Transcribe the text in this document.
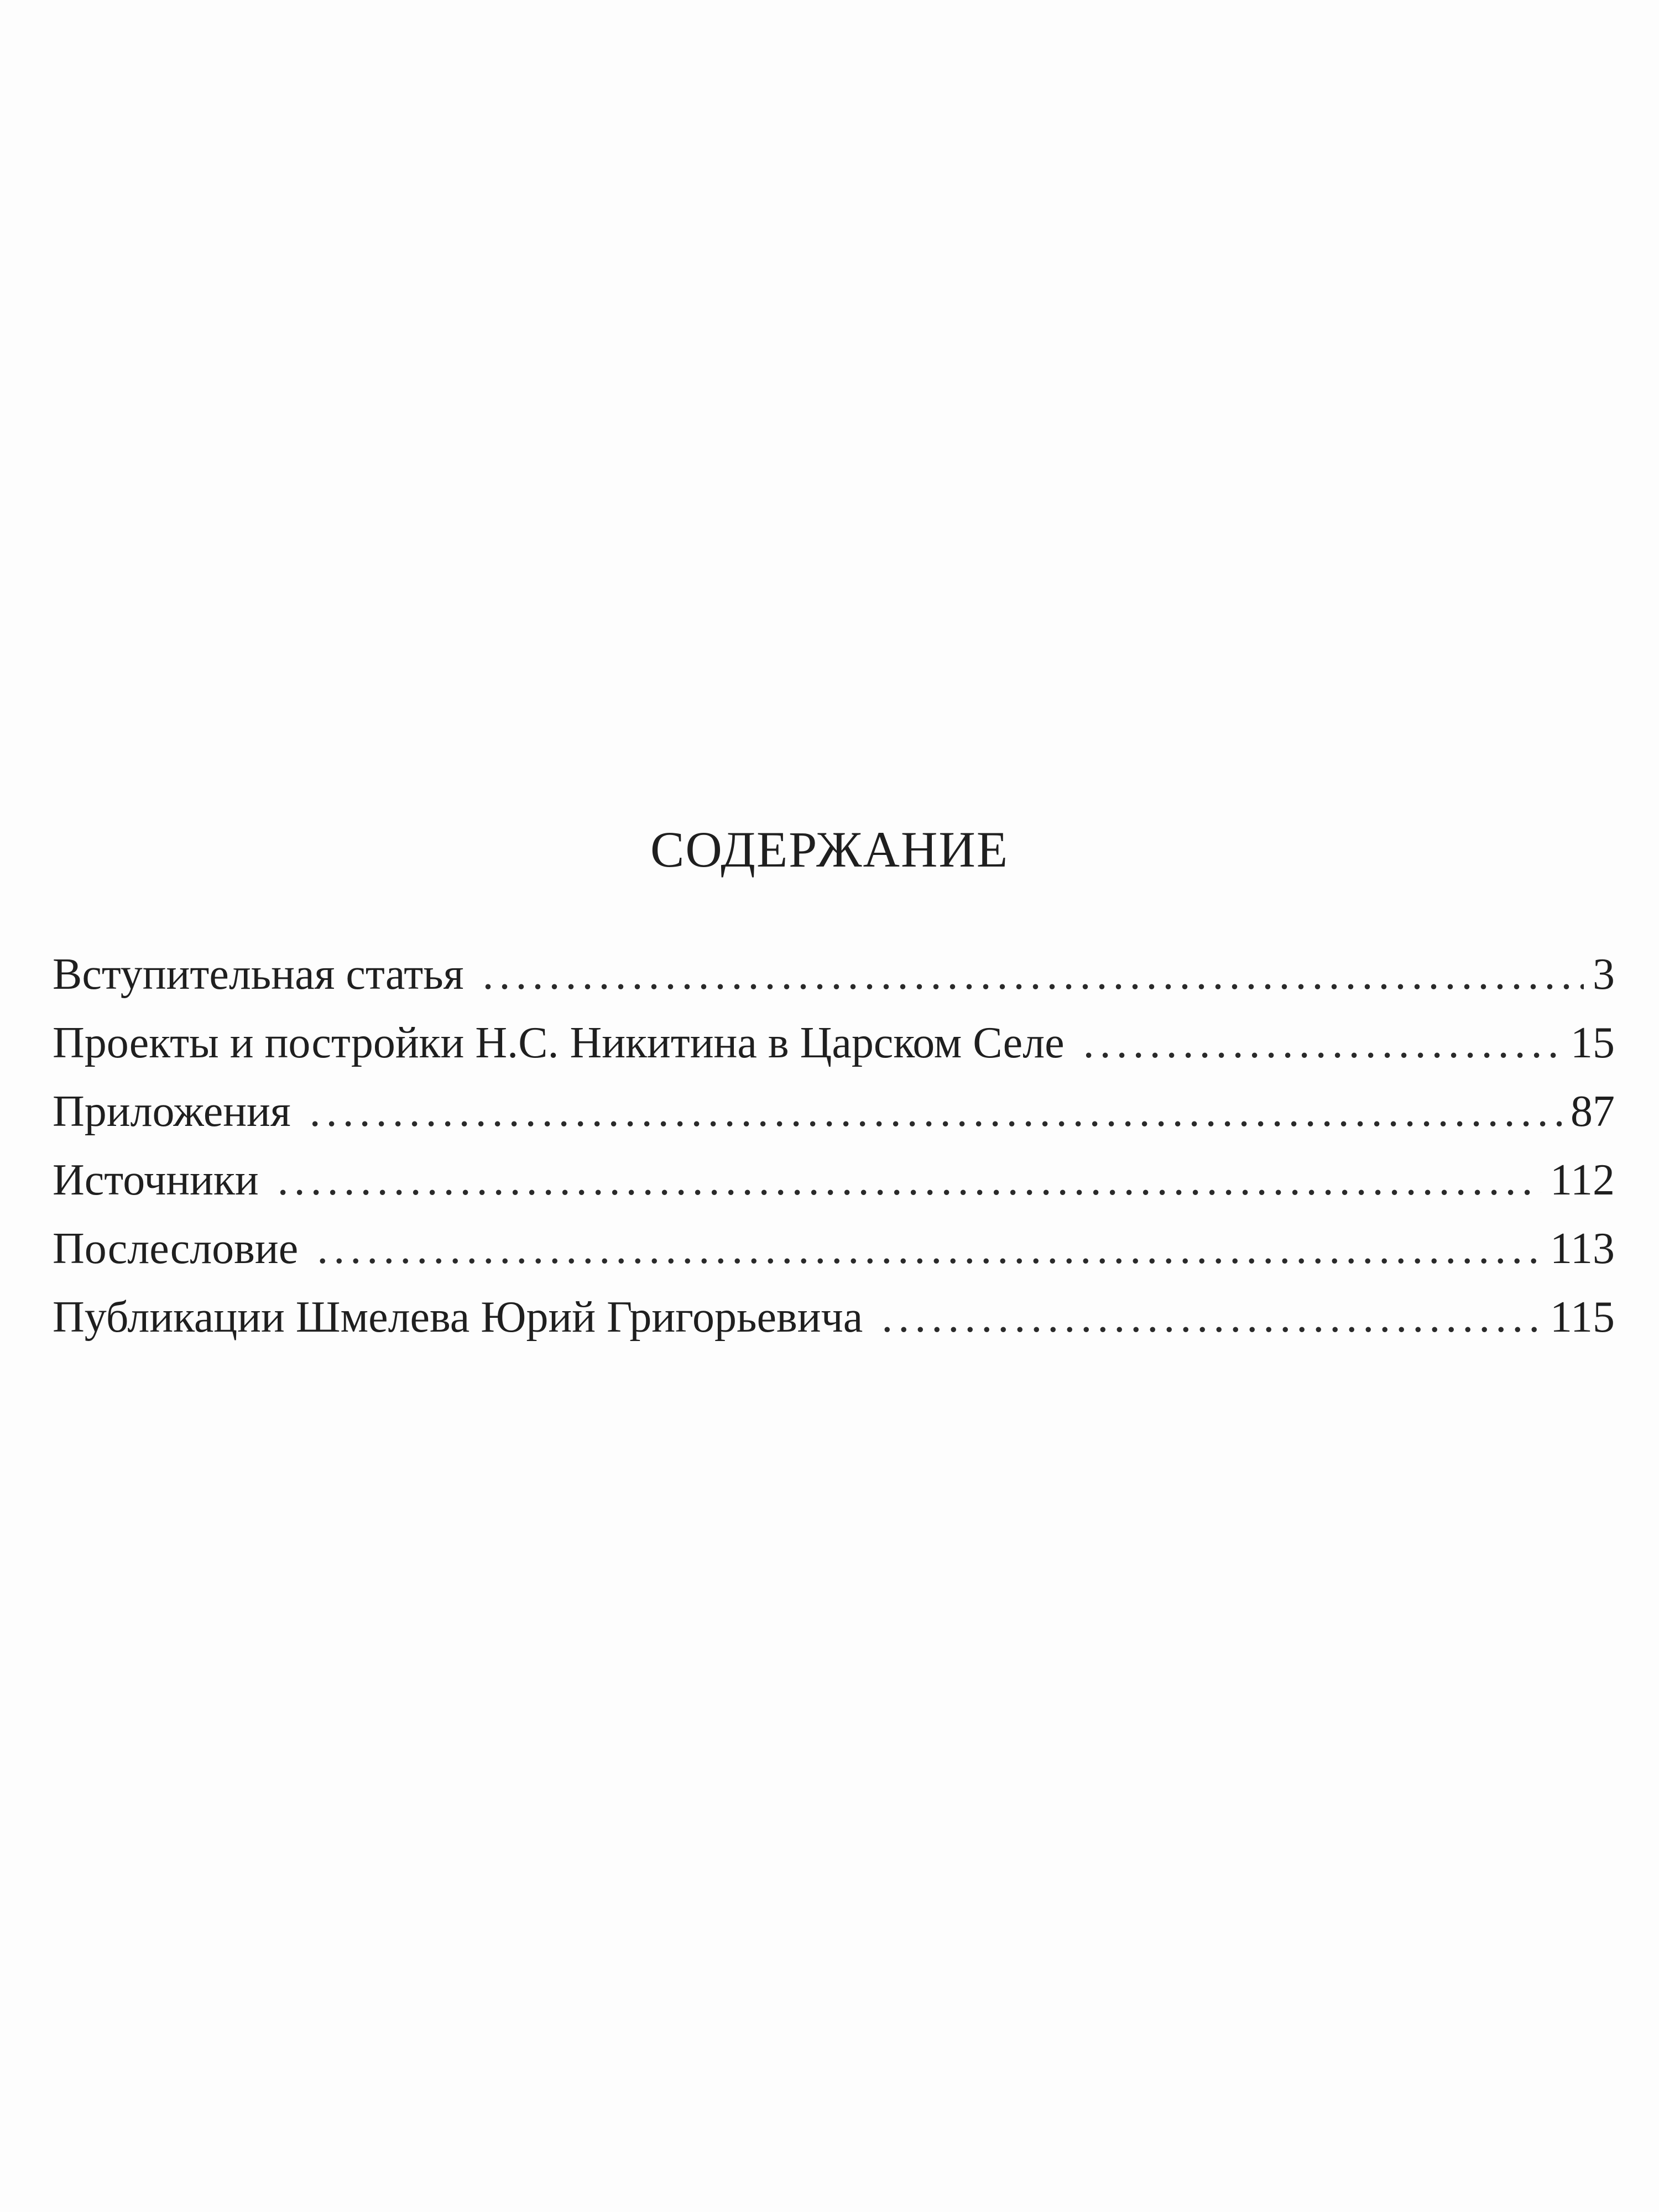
СОДЕРЖАНИЕ
Вступительная статья .....	3
Проекты и постройки Н.С. Никитина в Царском Селе .....	15
Приложения .....	87
Источники .....	112
Послесловие .....	113
Публикации Шмелева Юрий Григорьевича .....	115
